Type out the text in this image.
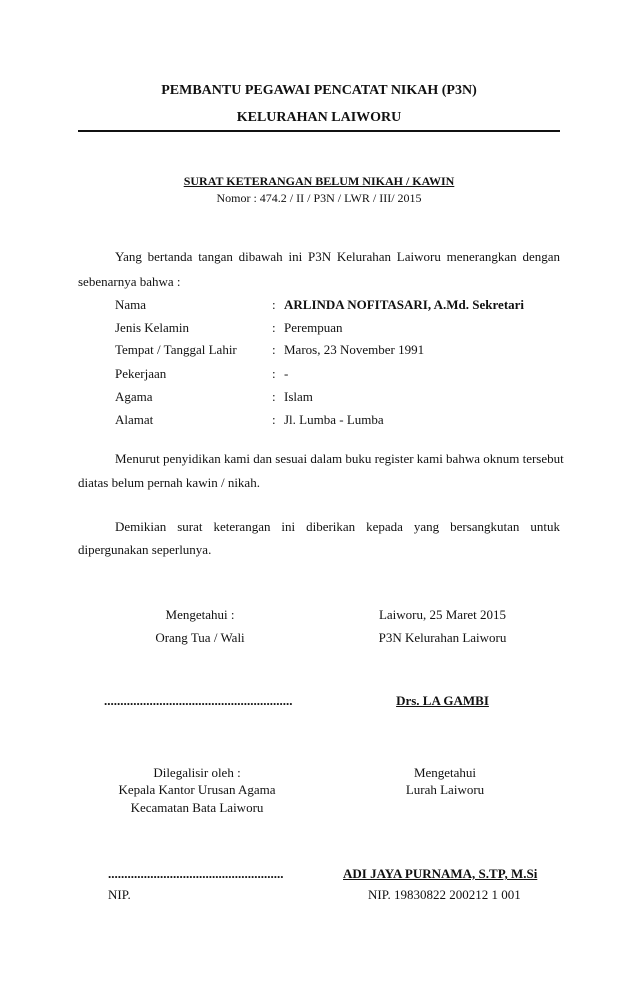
PEMBANTU PEGAWAI PENCATAT NIKAH (P3N)
KELURAHAN LAIWORU
SURAT KETERANGAN BELUM NIKAH / KAWIN
Nomor : 474.2 / II / P3N / LWR / III/ 2015
Yang bertanda tangan dibawah ini P3N Kelurahan Laiworu menerangkan dengan
sebenarnya bahwa :
Nama	: ARLINDA NOFITASARI, A.Md. Sekretari
Jenis Kelamin	: Perempuan
Tempat / Tanggal Lahir	: Maros, 23 November 1991
Pekerjaan	: -
Agama	: Islam
Alamat	: Jl. Lumba - Lumba
Menurut penyidikan kami dan sesuai dalam buku register kami bahwa oknum tersebut
diatas belum pernah kawin / nikah.
Demikian surat keterangan ini diberikan kepada yang bersangkutan untuk
dipergunakan seperlunya.
Mengetahui :
Orang Tua / Wali
..........................................................
Laiworu, 25 Maret 2015
P3N Kelurahan Laiworu
Drs. LA GAMBI
Dilegalisir oleh :
Kepala Kantor Urusan Agama
Kecamatan Bata Laiworu
......................................................
NIP.
Mengetahui
Lurah Laiworu
ADI JAYA PURNAMA, S.TP, M.Si
NIP. 19830822 200212 1 001
